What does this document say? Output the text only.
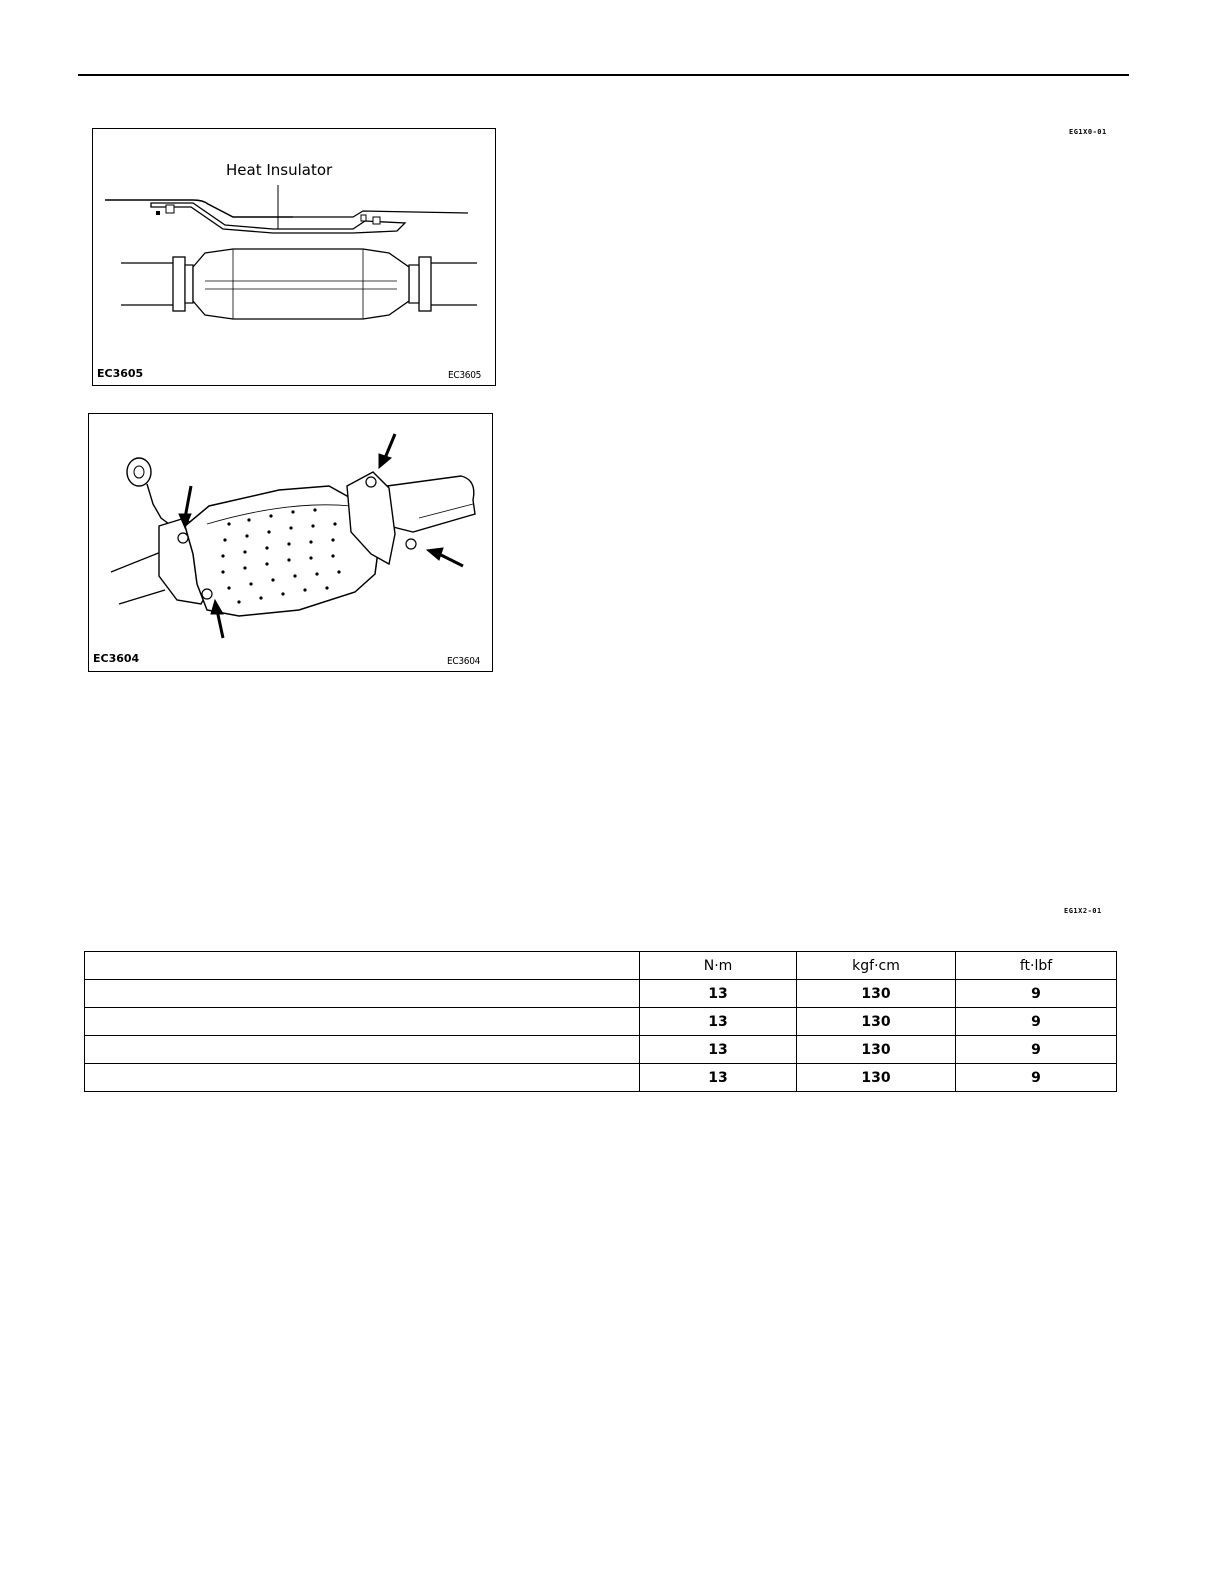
EG1X0-01
Heat Insulator
EC3605	EC3605
EC3604	EC3604
EG1X2-01
	N·m	kgf·cm	ft·lbf
	13	130	9
	13	130	9
	13	130	9
	13	130	9
